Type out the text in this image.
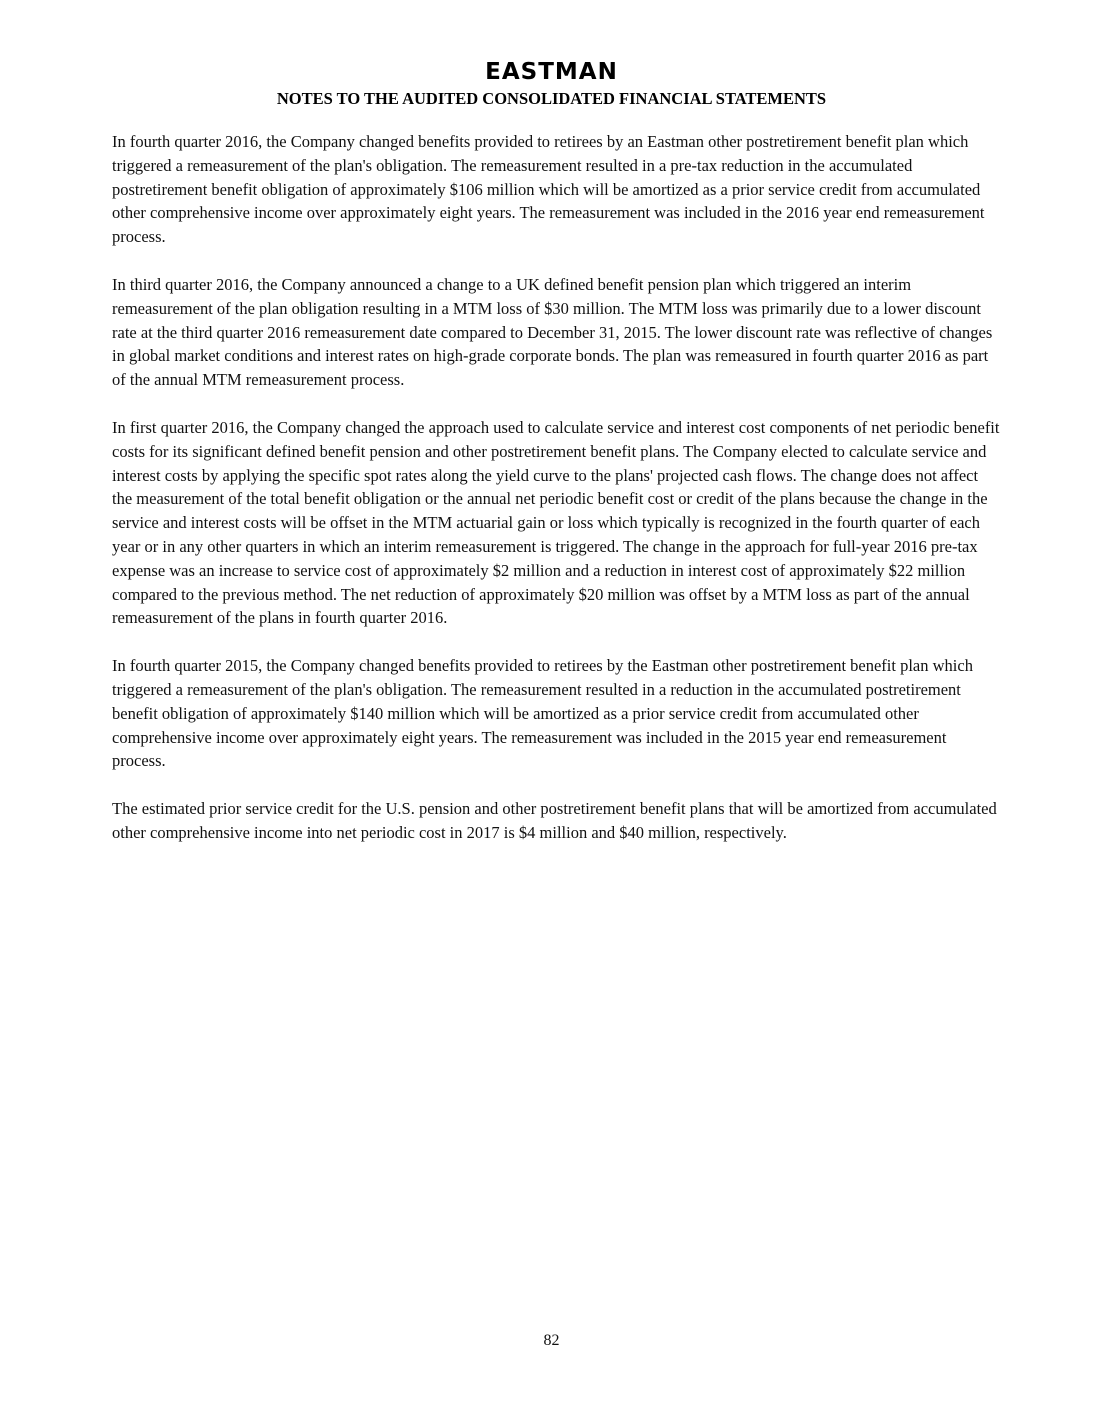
EASTMAN
NOTES TO THE AUDITED CONSOLIDATED FINANCIAL STATEMENTS

In fourth quarter 2016, the Company changed benefits provided to retirees by an Eastman other postretirement benefit plan which triggered a remeasurement of the plan's obligation. The remeasurement resulted in a pre-tax reduction in the accumulated postretirement benefit obligation of approximately $106 million which will be amortized as a prior service credit from accumulated other comprehensive income over approximately eight years. The remeasurement was included in the 2016 year end remeasurement process.

In third quarter 2016, the Company announced a change to a UK defined benefit pension plan which triggered an interim remeasurement of the plan obligation resulting in a MTM loss of $30 million. The MTM loss was primarily due to a lower discount rate at the third quarter 2016 remeasurement date compared to December 31, 2015. The lower discount rate was reflective of changes in global market conditions and interest rates on high-grade corporate bonds. The plan was remeasured in fourth quarter 2016 as part of the annual MTM remeasurement process.

In first quarter 2016, the Company changed the approach used to calculate service and interest cost components of net periodic benefit costs for its significant defined benefit pension and other postretirement benefit plans. The Company elected to calculate service and interest costs by applying the specific spot rates along the yield curve to the plans' projected cash flows. The change does not affect the measurement of the total benefit obligation or the annual net periodic benefit cost or credit of the plans because the change in the service and interest costs will be offset in the MTM actuarial gain or loss which typically is recognized in the fourth quarter of each year or in any other quarters in which an interim remeasurement is triggered. The change in the approach for full-year 2016 pre-tax expense was an increase to service cost of approximately $2 million and a reduction in interest cost of approximately $22 million compared to the previous method. The net reduction of approximately $20 million was offset by a MTM loss as part of the annual remeasurement of the plans in fourth quarter 2016.

In fourth quarter 2015, the Company changed benefits provided to retirees by the Eastman other postretirement benefit plan which triggered a remeasurement of the plan's obligation. The remeasurement resulted in a reduction in the accumulated postretirement benefit obligation of approximately $140 million which will be amortized as a prior service credit from accumulated other comprehensive income over approximately eight years. The remeasurement was included in the 2015 year end remeasurement process.

The estimated prior service credit for the U.S. pension and other postretirement benefit plans that will be amortized from accumulated other comprehensive income into net periodic cost in 2017 is $4 million and $40 million, respectively.

82
